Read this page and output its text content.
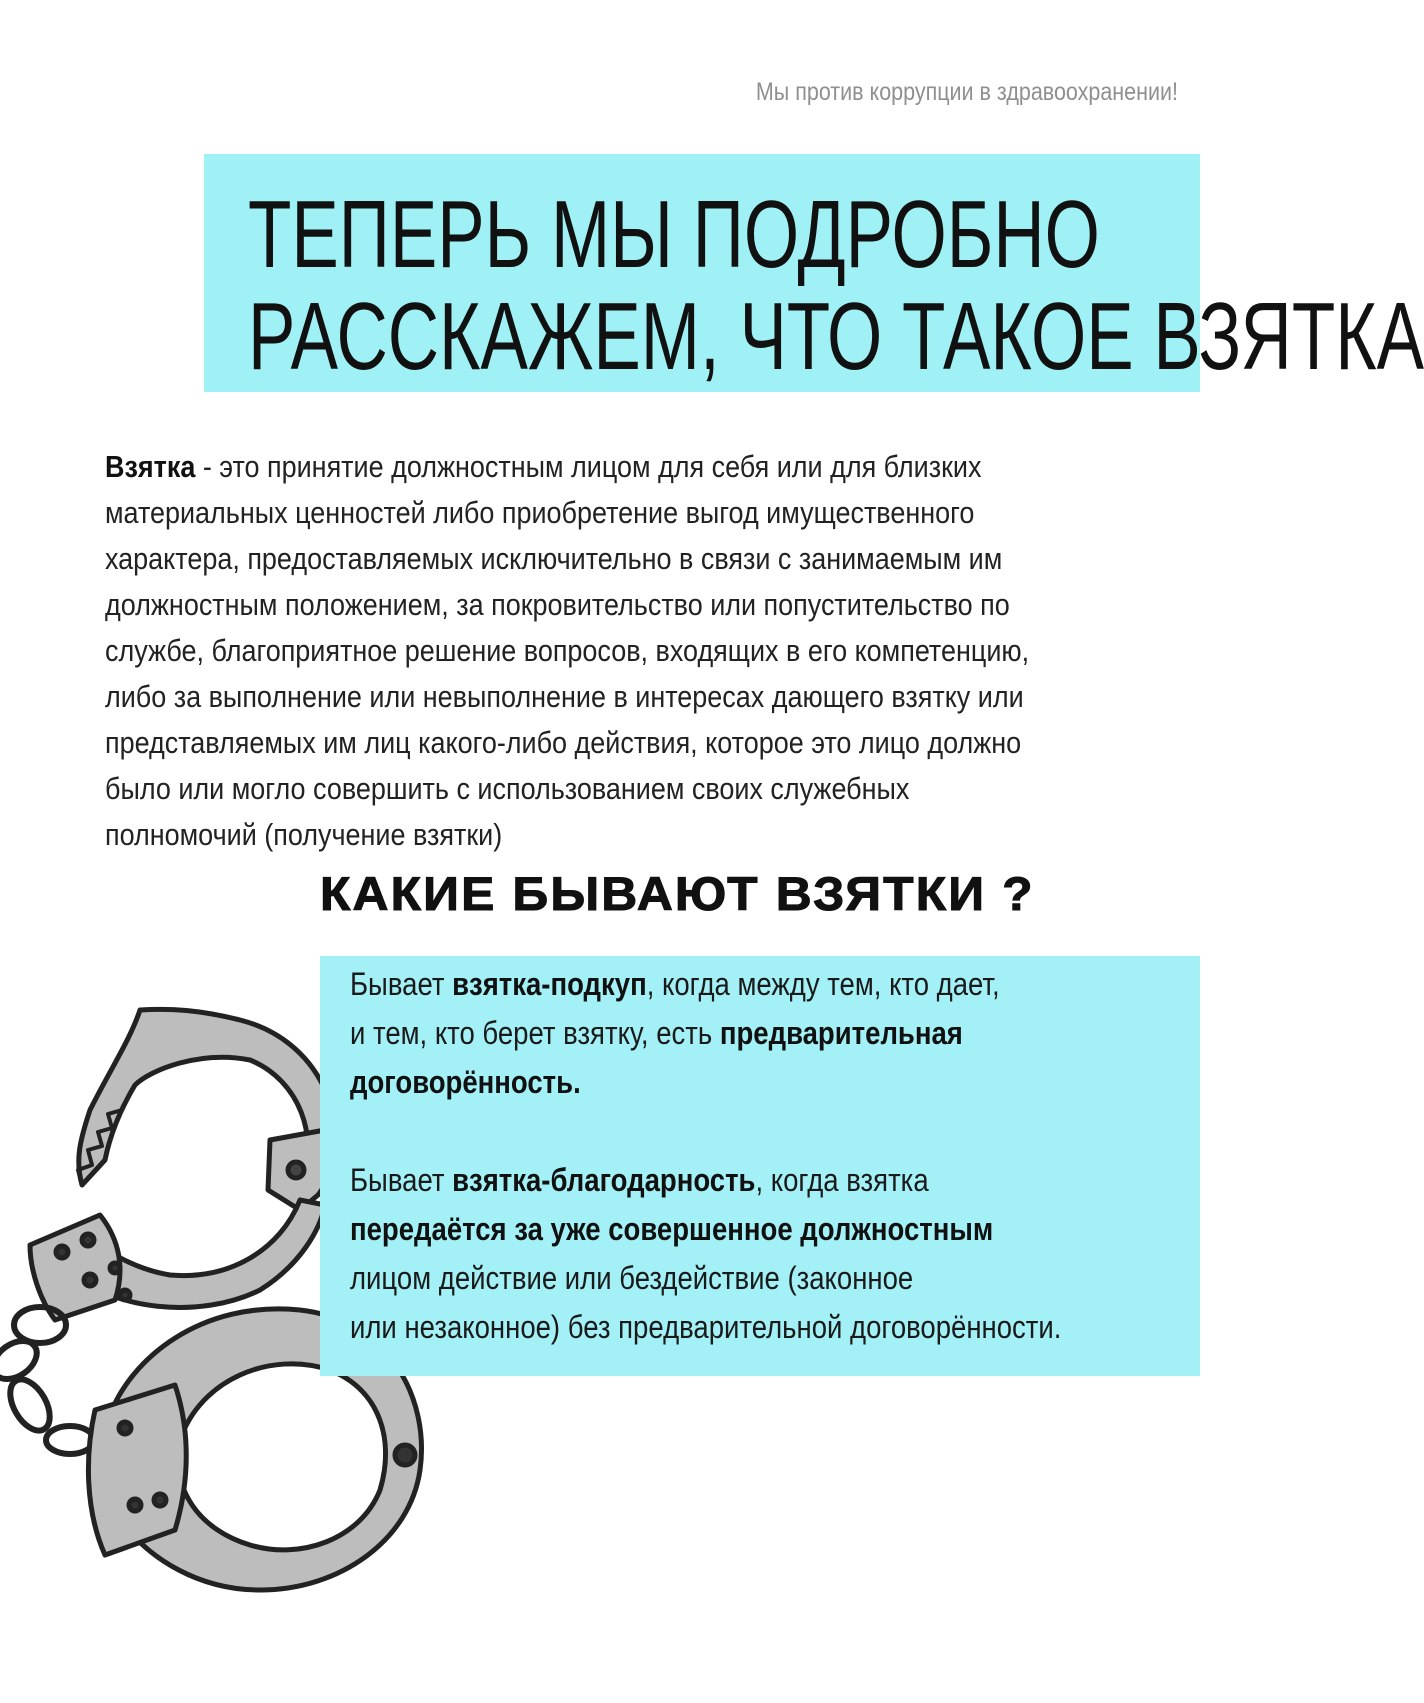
Мы против коррупции в здравоохранении!
ТЕПЕРЬ МЫ ПОДРОБНО
РАССКАЖЕМ, ЧТО ТАКОЕ ВЗЯТКА

Взятка - это принятие должностным лицом для себя или для близких
материальных ценностей либо приобретение выгод имущественного
характера, предоставляемых исключительно в связи с занимаемым им
должностным положением, за покровительство или попустительство по
службе, благоприятное решение вопросов, входящих в его компетенцию,
либо за выполнение или невыполнение в интересах дающего взятку или
представляемых им лиц какого-либо действия, которое это лицо должно
было или могло совершить с использованием своих служебных
полномочий (получение взятки)

КАКИЕ БЫВАЮТ ВЗЯТКИ ?

Бывает взятка-подкуп, когда между тем, кто дает,
и тем, кто берет взятку, есть предварительная
договорённость.

Бывает взятка-благодарность, когда взятка
передаётся за уже совершенное должностным
лицом действие или бездействие (законное
или незаконное) без предварительной договорённости.
